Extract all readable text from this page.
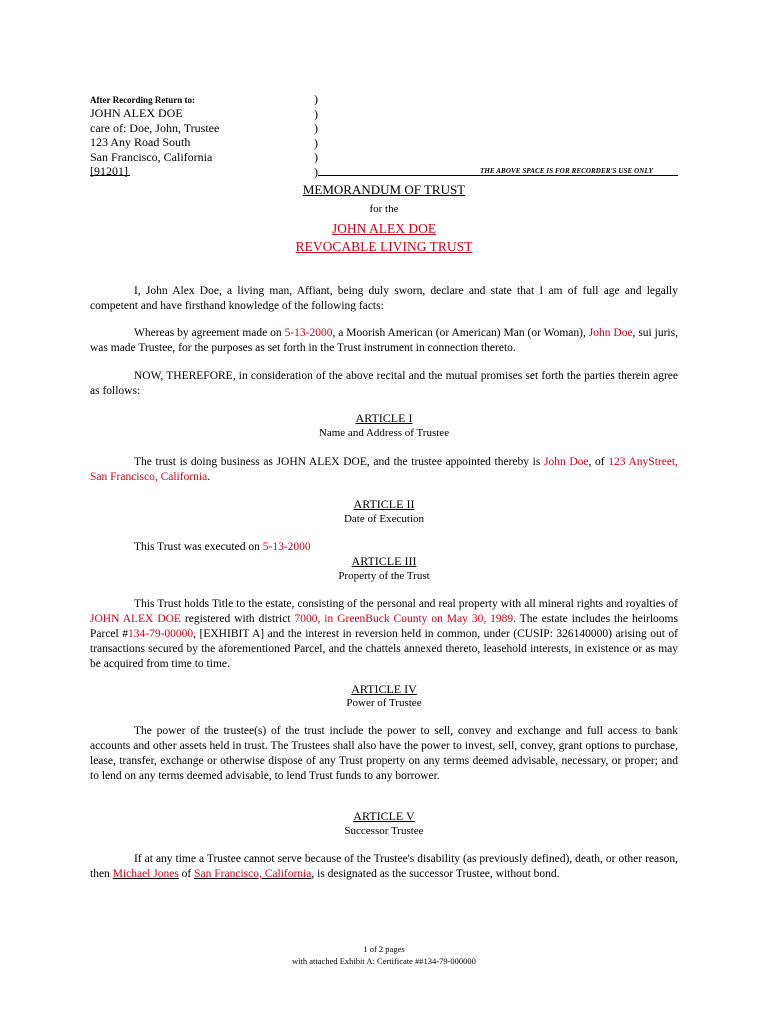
After Recording Return to:
JOHN ALEX DOE
care of: Doe, John, Trustee
123 Any Road South
San Francisco, California
[91201]
)
)
)
)
)
)	THE ABOVE SPACE IS FOR RECORDER'S USE ONLY
MEMORANDUM OF TRUST
for the
JOHN ALEX DOE
REVOCABLE LIVING TRUST
I, John Alex Doe, a living man, Affiant, being duly sworn, declare and state that I am of full age and legally competent and have firsthand knowledge of the following facts:
Whereas by agreement made on 5-13-2000, a Moorish American (or American) Man (or Woman), John Doe, sui juris, was made Trustee, for the purposes as set forth in the Trust instrument in connection thereto.
NOW, THEREFORE, in consideration of the above recital and the mutual promises set forth the parties therein agree as follows:
ARTICLE I
Name and Address of Trustee
The trust is doing business as JOHN ALEX DOE, and the trustee appointed thereby is John Doe, of 123 AnyStreet, San Francisco, California.
ARTICLE II
Date of Execution
This Trust was executed on 5-13-2000
ARTICLE III
Property of the Trust
This Trust holds Title to the estate, consisting of the personal and real property with all mineral rights and royalties of JOHN ALEX DOE registered with district 7000, in GreenBuck County on May 30, 1989. The estate includes the heirlooms Parcel #134-79-00000, [EXHIBIT A] and the interest in reversion held in common, under (CUSIP: 326140000) arising out of transactions secured by the aforementioned Parcel, and the chattels annexed thereto, leasehold interests, in existence or as may be acquired from time to time.
ARTICLE IV
Power of Trustee
The power of the trustee(s) of the trust include the power to sell, convey and exchange and full access to bank accounts and other assets held in trust. The Trustees shall also have the power to invest, sell, convey, grant options to purchase, lease, transfer, exchange or otherwise dispose of any Trust property on any terms deemed advisable, necessary, or proper; and to lend on any terms deemed advisable, to lend Trust funds to any borrower.
ARTICLE V
Successor Trustee
If at any time a Trustee cannot serve because of the Trustee's disability (as previously defined), death, or other reason, then Michael Jones of San Francisco, California, is designated as the successor Trustee, without bond.
1 of 2 pages
with attached Exhibit A: Certificate ##134-79-000000
